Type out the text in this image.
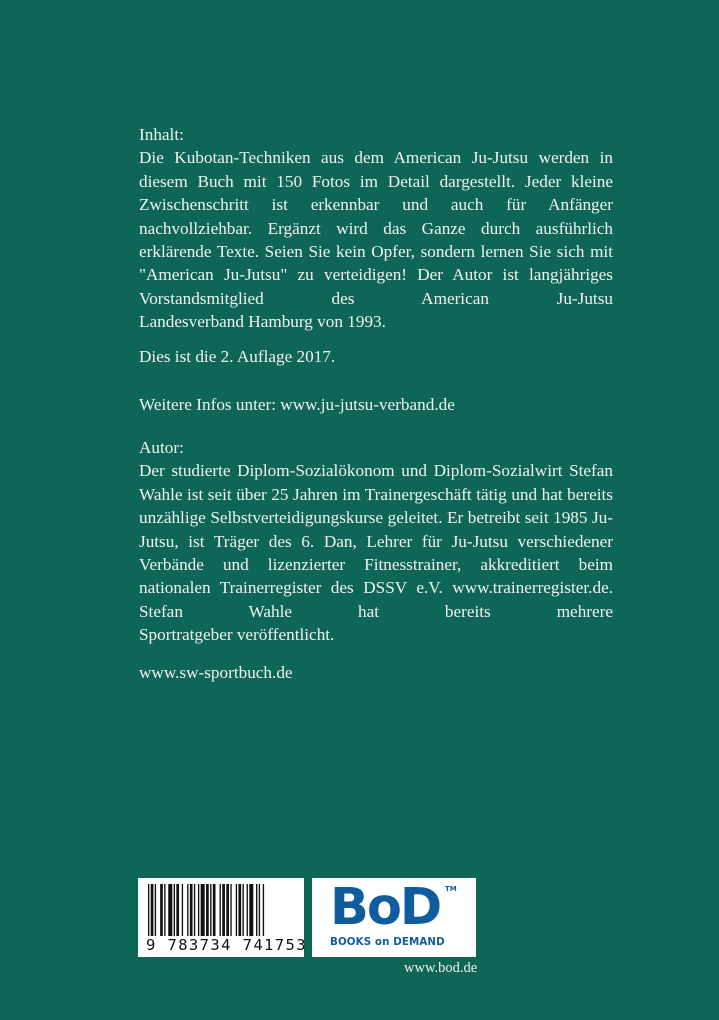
Inhalt:

Die Kubotan-Techniken aus dem American Ju-Jutsu werden in diesem Buch mit 150 Fotos im Detail dargestellt. Jeder kleine Zwischenschritt ist erkennbar und auch für Anfänger nachvollziehbar. Ergänzt wird das Ganze durch ausführlich erklärende Texte. Seien Sie kein Opfer, sondern lernen Sie sich mit "American Ju-Jutsu" zu verteidigen! Der Autor ist langjähriges Vorstandsmitglied des American Ju-Jutsu

Landesverband Hamburg von 1993.

Dies ist die 2. Auflage 2017.

Weitere Infos unter: www.ju-jutsu-verband.de

Autor:

Der studierte Diplom-Sozialökonom und Diplom-Sozialwirt Stefan Wahle ist seit über 25 Jahren im Trainergeschäft tätig und hat bereits unzählige Selbstverteidigungskurse geleitet. Er betreibt seit 1985 Ju-Jutsu, ist Träger des 6. Dan, Lehrer für Ju-Jutsu verschiedener Verbände und lizenzierter Fitnesstrainer, akkreditiert beim nationalen Trainerregister des DSSV e.V. www.trainerregister.de. Stefan Wahle hat bereits mehrere

Sportratgeber veröffentlicht.

www.sw-sportbuch.de

9 783734 741753
BoD TM
BOOKS on DEMAND
www.bod.de
